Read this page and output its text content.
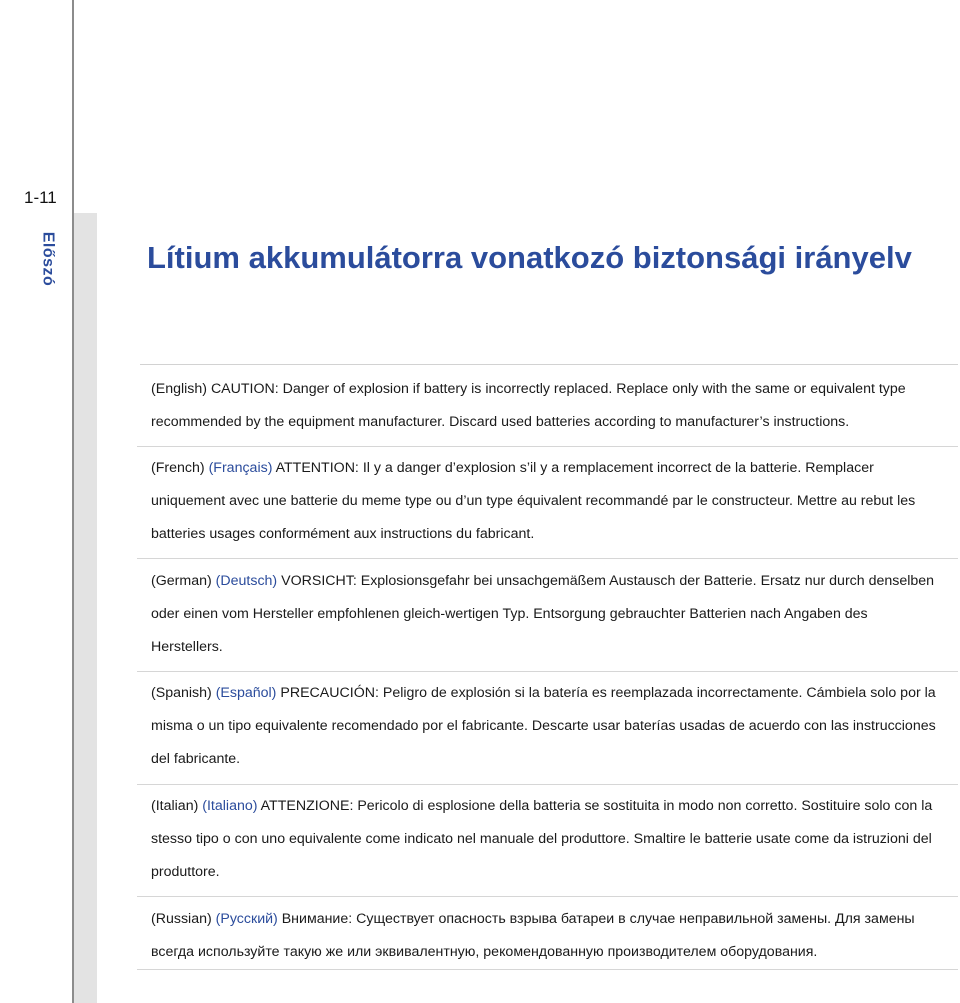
1-11
Előszó	Lítium akkumulátorra vonatkozó biztonsági irányelv

(English) CAUTION: Danger of explosion if battery is incorrectly replaced. Replace only with the same or equivalent type recommended by the equipment manufacturer. Discard used batteries according to manufacturer’s instructions.

(French) (Français) ATTENTION: Il y a danger d’explosion s’il y a remplacement incorrect de la batterie. Remplacer uniquement avec une batterie du meme type ou d’un type équivalent recommandé par le constructeur. Mettre au rebut les batteries usages conformément aux instructions du fabricant.

(German) (Deutsch) VORSICHT: Explosionsgefahr bei unsachgemäßem Austausch der Batterie. Ersatz nur durch denselben oder einen vom Hersteller empfohlenen gleich-wertigen Typ. Entsorgung gebrauchter Batterien nach Angaben des Herstellers.

(Spanish) (Español) PRECAUCIÓN: Peligro de explosión si la batería es reemplazada incorrectamente. Cámbiela solo por la misma o un tipo equivalente recomendado por el fabricante. Descarte usar baterías usadas de acuerdo con las instrucciones del fabricante.

(Italian) (Italiano) ATTENZIONE: Pericolo di esplosione della batteria se sostituita in modo non corretto. Sostituire solo con la stesso tipo o con uno equivalente come indicato nel manuale del produttore. Smaltire le batterie usate come da istruzioni del produttore.

(Russian) (Русский) Внимание: Существует опасность взрыва батареи в случае неправильной замены. Для замены всегда используйте такую же или эквивалентную, рекомендованную производителем оборудования.
